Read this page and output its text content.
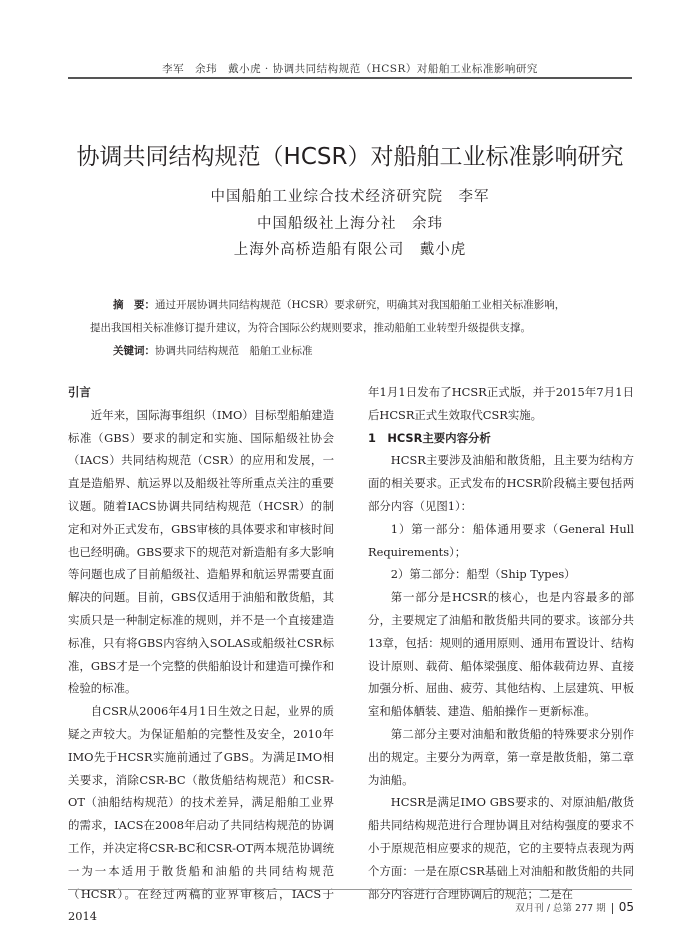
李军　余玮　戴小虎 · 协调共同结构规范（HCSR）对船舶工业标准影响研究
协调共同结构规范（HCSR）对船舶工业标准影响研究
中国船舶工业综合技术经济研究院　李军
中国船级社上海分社　余玮
上海外高桥造船有限公司　戴小虎

摘　要：通过开展协调共同结构规范（HCSR）要求研究，明确其对我国船舶工业相关标准影响，

提出我国相关标准修订提升建议，为符合国际公约规则要求，推动船舶工业转型升级提供支撑。

关键词：协调共同结构规范　船舶工业标准

引言

近年来，国际海事组织（IMO）目标型船舶建造标准（GBS）要求的制定和实施、国际船级社协会（IACS）共同结构规范（CSR）的应用和发展，一直是造船界、航运界以及船级社等所重点关注的重要议题。随着IACS协调共同结构规范（HCSR）的制定和对外正式发布，GBS审核的具体要求和审核时间也已经明确。GBS要求下的规范对新造船有多大影响等问题也成了目前船级社、造船界和航运界需要直面解决的问题。目前，GBS仅适用于油船和散货船，其实质只是一种制定标准的规则，并不是一个直接建造标准，只有将GBS内容纳入SOLAS或船级社CSR标准，GBS才是一个完整的供船舶设计和建造可操作和检验的标准。

自CSR从2006年4月1日生效之日起，业界的质疑之声较大。为保证船舶的完整性及安全，2010年IMO先于HCSR实施前通过了GBS。为满足IMO相关要求，消除CSR-BC（散货船结构规范）和CSR-OT（油船结构规范）的技术差异，满足船舶工业界的需求，IACS在2008年启动了共同结构规范的协调工作，并决定将CSR-BC和CSR-OT两本规范协调统一为一本适用于散货船和油船的共同结构规范（HCSR）。在经过两稿的业界审核后，IACS于2014

年1月1日发布了HCSR正式版，并于2015年7月1日后HCSR正式生效取代CSR实施。

1　HCSR主要内容分析

HCSR主要涉及油船和散货船，且主要为结构方面的相关要求。正式发布的HCSR阶段稿主要包括两部分内容（见图1）：

1）第一部分：船体通用要求（General Hull Requirements）；

2）第二部分：船型（Ship Types）

第一部分是HCSR的核心，也是内容最多的部分，主要规定了油船和散货船共同的要求。该部分共13章，包括：规则的通用原则、通用布置设计、结构设计原则、载荷、船体梁强度、船体载荷边界、直接加强分析、屈曲、疲劳、其他结构、上层建筑、甲板室和船体舾装、建造、船舶操作－更新标准。

第二部分主要对油船和散货船的特殊要求分别作出的规定。主要分为两章，第一章是散货船，第二章为油船。

HCSR是满足IMO GBS要求的、对原油船/散货船共同结构规范进行合理协调且对结构强度的要求不小于原规范相应要求的规范，它的主要特点表现为两个方面：一是在原CSR基础上对油船和散货船的共同部分内容进行合理协调后的规范；二是在

双月刊 / 总第 277 期 05
